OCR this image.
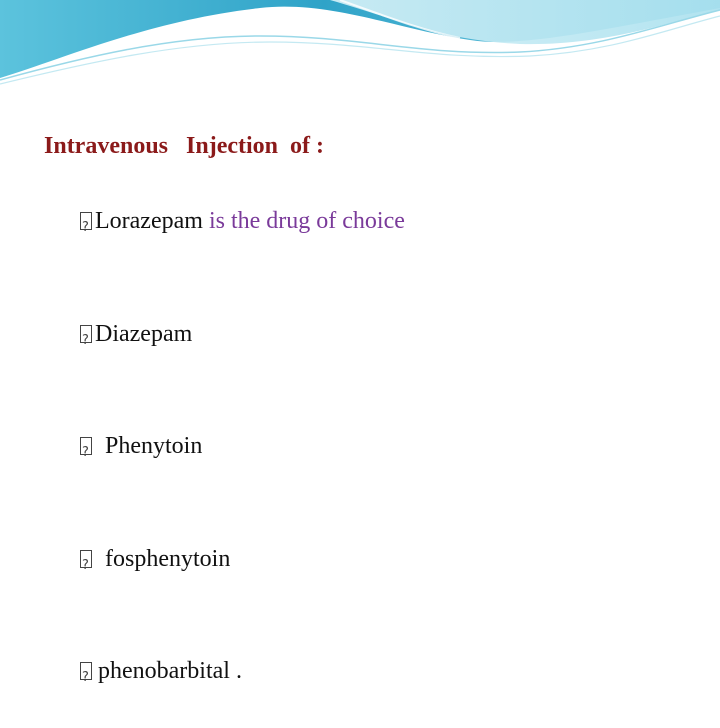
Intravenous   Injection  of :

?Lorazepam is the drug of choice

?Diazepam

?Phenytoin

?fosphenytoin

?phenobarbital .
